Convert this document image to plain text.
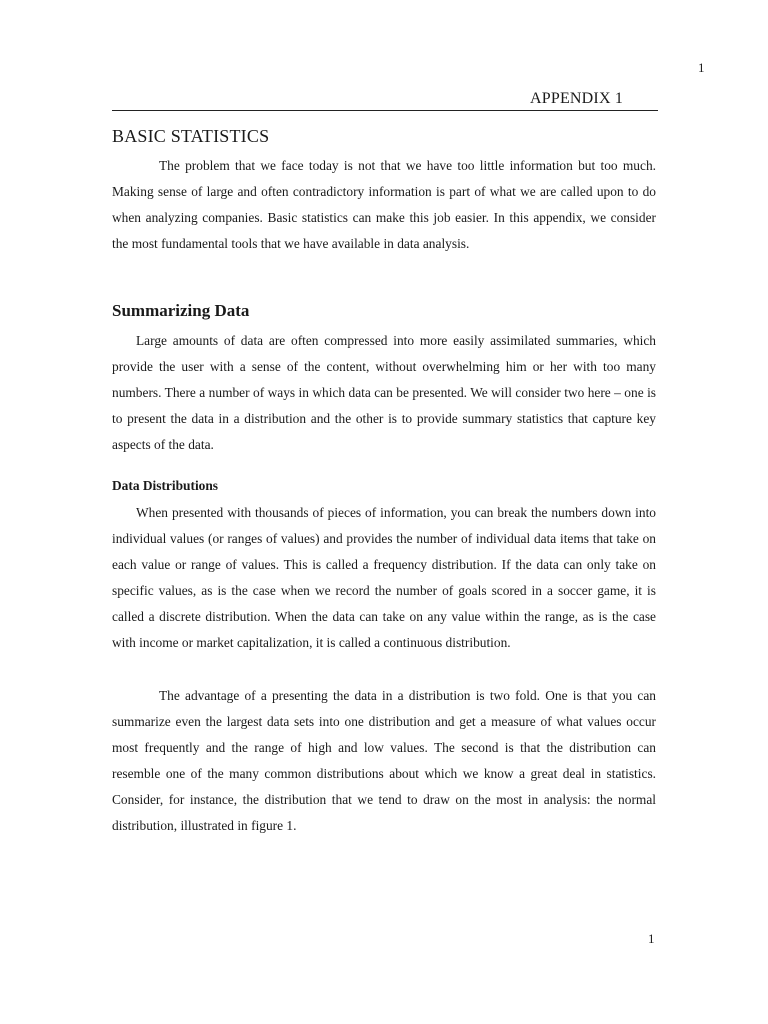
1
APPENDIX 1
BASIC STATISTICS

The problem that we face today is not that we have too little information but too much. Making sense of large and often contradictory information is part of what we are called upon to do when analyzing companies. Basic statistics can make this job easier. In this appendix, we consider the most fundamental tools that we have available in data analysis.

Summarizing Data

Large amounts of data are often compressed into more easily assimilated summaries, which provide the user with a sense of the content, without overwhelming him or her with too many numbers. There a number of ways in which data can be presented. We will consider two here – one is to present the data in a distribution and the other is to provide summary statistics that capture key aspects of the data.

Data Distributions

When presented with thousands of pieces of information, you can break the numbers down into individual values (or ranges of values) and provides the number of individual data items that take on each value or range of values. This is called a frequency distribution. If the data can only take on specific values, as is the case when we record the number of goals scored in a soccer game, it is called a discrete distribution. When the data can take on any value within the range, as is the case with income or market capitalization, it is called a continuous distribution.

The advantage of a presenting the data in a distribution is two fold. One is that you can summarize even the largest data sets into one distribution and get a measure of what values occur most frequently and the range of high and low values. The second is that the distribution can resemble one of the many common distributions about which we know a great deal in statistics. Consider, for instance, the distribution that we tend to draw on the most in analysis: the normal distribution, illustrated in figure 1.

1
